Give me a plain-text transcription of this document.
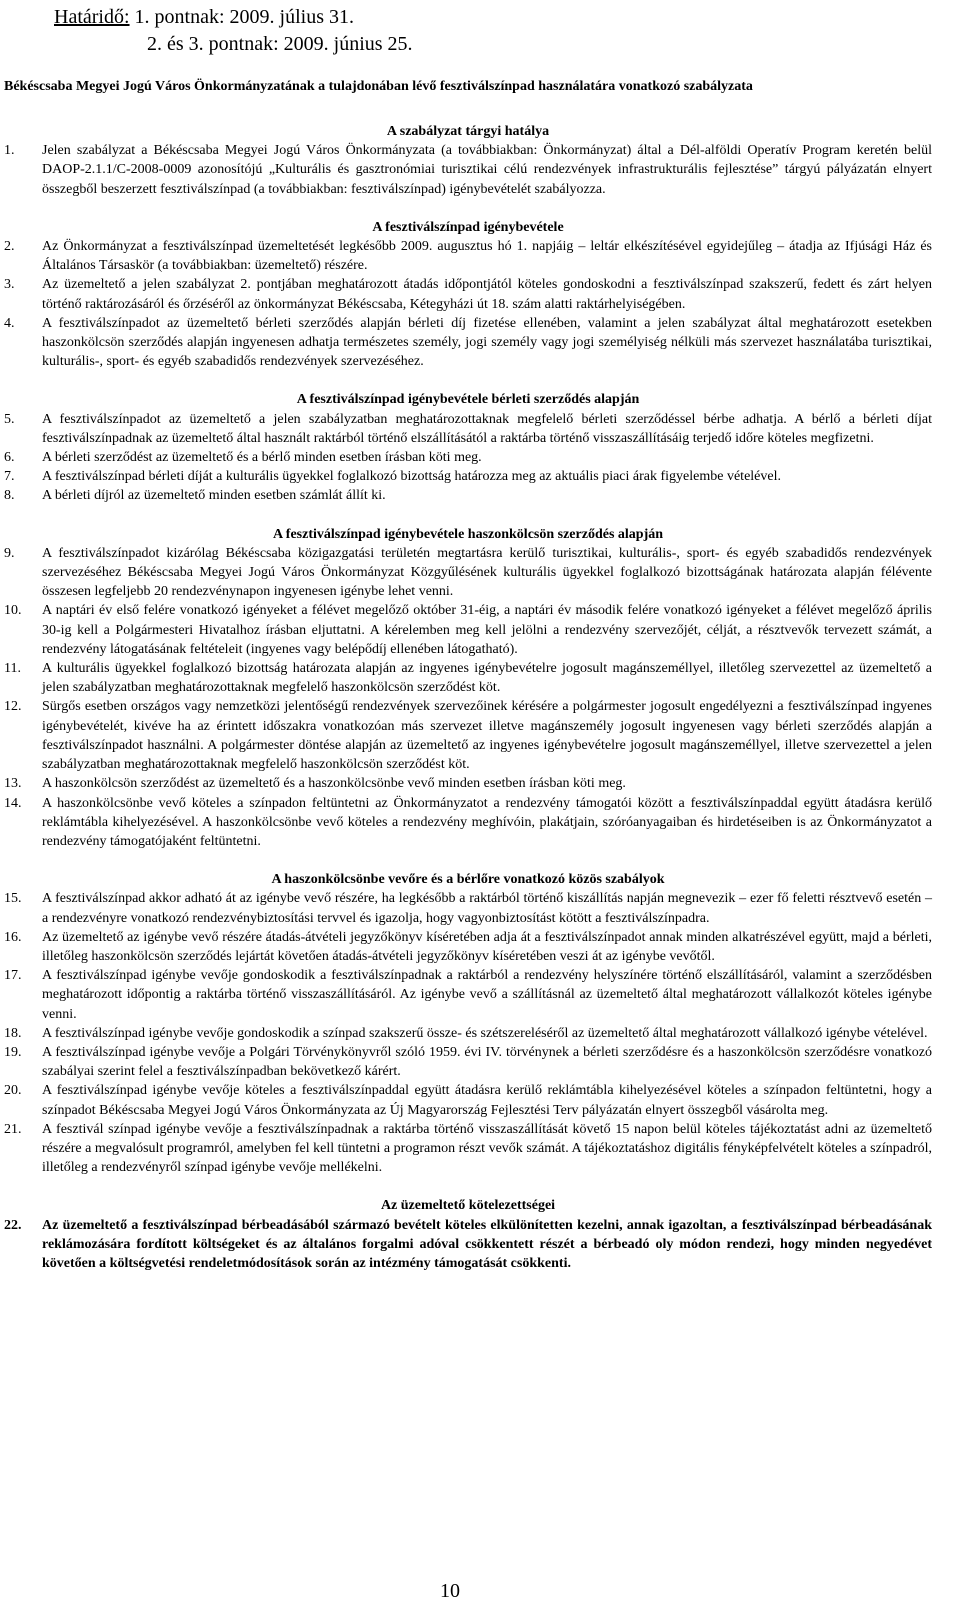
Határidő: 1. pontnak: 2009. július 31.
2. és 3. pontnak: 2009. június 25.
Békéscsaba Megyei Jogú Város Önkormányzatának a tulajdonában lévő fesztiválszínpad használatára vonatkozó szabályzata
A szabályzat tárgyi hatálya
1.	Jelen szabályzat a Békéscsaba Megyei Jogú Város Önkormányzata (a továbbiakban: Önkormányzat) által a Dél-alföldi Operatív Program keretén belül DAOP-2.1.1/C-2008-0009 azonosítójú „Kulturális és gasztronómiai turisztikai célú rendezvények infrastrukturális fejlesztése” tárgyú pályázatán elnyert összegből beszerzett fesztiválszínpad (a továbbiakban: fesztiválszínpad) igénybevételét szabályozza.
A fesztiválszínpad igénybevétele
2.	Az Önkormányzat a fesztiválszínpad üzemeltetését legkésőbb 2009. augusztus hó 1. napjáig – leltár elkészítésével egyidejűleg – átadja az Ifjúsági Ház és Általános Társaskör (a továbbiakban: üzemeltető) részére.
3.	Az üzemeltető a jelen szabályzat 2. pontjában meghatározott átadás időpontjától köteles gondoskodni a fesztiválszínpad szakszerű, fedett és zárt helyen történő raktározásáról és őrzéséről az önkormányzat Békéscsaba, Kétegyházi út 18. szám alatti raktárhelyiségében.
4.	A fesztiválszínpadot az üzemeltető bérleti szerződés alapján bérleti díj fizetése ellenében, valamint a jelen szabályzat által meghatározott esetekben haszonkölcsön szerződés alapján ingyenesen adhatja természetes személy, jogi személy vagy jogi személyiség nélküli más szervezet használatába turisztikai, kulturális-, sport- és egyéb szabadidős rendezvények szervezéséhez.
A fesztiválszínpad igénybevétele bérleti szerződés alapján
5.	A fesztiválszínpadot az üzemeltető a jelen szabályzatban meghatározottaknak megfelelő bérleti szerződéssel bérbe adhatja. A bérlő a bérleti díjat fesztiválszínpadnak az üzemeltető által használt raktárból történő elszállításától a raktárba történő visszaszállításáig terjedő időre köteles megfizetni.
6.	A bérleti szerződést az üzemeltető és a bérlő minden esetben írásban köti meg.
7.	A fesztiválszínpad bérleti díját a kulturális ügyekkel foglalkozó bizottság határozza meg az aktuális piaci árak figyelembe vételével.
8.	A bérleti díjról az üzemeltető minden esetben számlát állít ki.
A fesztiválszínpad igénybevétele haszonkölcsön szerződés alapján
9.	A fesztiválszínpadot kizárólag Békéscsaba közigazgatási területén megtartásra kerülő turisztikai, kulturális-, sport- és egyéb szabadidős rendezvények szervezéséhez Békéscsaba Megyei Jogú Város Önkormányzat Közgyűlésének kulturális ügyekkel foglalkozó bizottságának határozata alapján félévente összesen legfeljebb 20 rendezvénynapon ingyenesen igénybe lehet venni.
10.	A naptári év első felére vonatkozó igényeket a félévet megelőző október 31-éig, a naptári év második felére vonatkozó igényeket a félévet megelőző április 30-ig kell a Polgármesteri Hivatalhoz írásban eljuttatni. A kérelemben meg kell jelölni a rendezvény szervezőjét, célját, a résztvevők tervezett számát, a rendezvény látogatásának feltételeit (ingyenes vagy belépődíj ellenében látogatható).
11.	A kulturális ügyekkel foglalkozó bizottság határozata alapján az ingyenes igénybevételre jogosult magánszeméllyel, illetőleg szervezettel az üzemeltető a jelen szabályzatban meghatározottaknak megfelelő haszonkölcsön szerződést köt.
12.	Sürgős esetben országos vagy nemzetközi jelentőségű rendezvények szervezőinek kérésére a polgármester jogosult engedélyezni a fesztiválszínpad ingyenes igénybevételét, kivéve ha az érintett időszakra vonatkozóan más szervezet illetve magánszemély jogosult ingyenesen vagy bérleti szerződés alapján a fesztiválszínpadot használni. A polgármester döntése alapján az üzemeltető az ingyenes igénybevételre jogosult magánszeméllyel, illetve szervezettel a jelen szabályzatban meghatározottaknak megfelelő haszonkölcsön szerződést köt.
13.	A haszonkölcsön szerződést az üzemeltető és a haszonkölcsönbe vevő minden esetben írásban köti meg.
14.	A haszonkölcsönbe vevő köteles a színpadon feltüntetni az Önkormányzatot a rendezvény támogatói között a fesztiválszínpaddal együtt átadásra kerülő reklámtábla kihelyezésével. A haszonkölcsönbe vevő köteles a rendezvény meghívóin, plakátjain, szóróanyagaiban és hirdetéseiben is az Önkormányzatot a rendezvény támogatójaként feltüntetni.
A haszonkölcsönbe vevőre és a bérlőre vonatkozó közös szabályok
15.	A fesztiválszínpad akkor adható át az igénybe vevő részére, ha legkésőbb a raktárból történő kiszállítás napján megnevezik – ezer fő feletti résztvevő esetén – a rendezvényre vonatkozó rendezvénybiztosítási tervvel és igazolja, hogy vagyonbiztosítást kötött a fesztiválszínpadra.
16.	Az üzemeltető az igénybe vevő részére átadás-átvételi jegyzőkönyv kíséretében adja át a fesztiválszínpadot annak minden alkatrészével együtt, majd a bérleti, illetőleg haszonkölcsön szerződés lejártát követően átadás-átvételi jegyzőkönyv kíséretében veszi át az igénybe vevőtől.
17.	A fesztiválszínpad igénybe vevője gondoskodik a fesztiválszínpadnak a raktárból a rendezvény helyszínére történő elszállításáról, valamint a szerződésben meghatározott időpontig a raktárba történő visszaszállításáról. Az igénybe vevő a szállításnál az üzemeltető által meghatározott vállalkozót köteles igénybe venni.
18.	A fesztiválszínpad igénybe vevője gondoskodik a színpad szakszerű össze- és szétszereléséről az üzemeltető által meghatározott vállalkozó igénybe vételével.
19.	A fesztiválszínpad igénybe vevője a Polgári Törvénykönyvről szóló 1959. évi IV. törvénynek a bérleti szerződésre és a haszonkölcsön szerződésre vonatkozó szabályai szerint felel a fesztiválszínpadban bekövetkező kárért.
20.	A fesztiválszínpad igénybe vevője köteles a fesztiválszínpaddal együtt átadásra kerülő reklámtábla kihelyezésével köteles a színpadon feltüntetni, hogy a színpadot Békéscsaba Megyei Jogú Város Önkormányzata az Új Magyarország Fejlesztési Terv pályázatán elnyert összegből vásárolta meg.
21.	A fesztivál színpad igénybe vevője a fesztiválszínpadnak a raktárba történő visszaszállítását követő 15 napon belül köteles tájékoztatást adni az üzemeltető részére a megvalósult programról, amelyben fel kell tüntetni a programon részt vevők számát. A tájékoztatáshoz digitális fényképfelvételt köteles a színpadról, illetőleg a rendezvényről színpad igénybe vevője mellékelni.
Az üzemeltető kötelezettségei
22.	Az üzemeltető a fesztiválszínpad bérbeadásából származó bevételt köteles elkülönítetten kezelni, annak igazoltan, a fesztiválszínpad bérbeadásának reklámozására fordított költségeket és az általános forgalmi adóval csökkentett részét a bérbeadó oly módon rendezi, hogy minden negyedévet követően a költségvetési rendeletmódosítások során az intézmény támogatását csökkenti.
10
